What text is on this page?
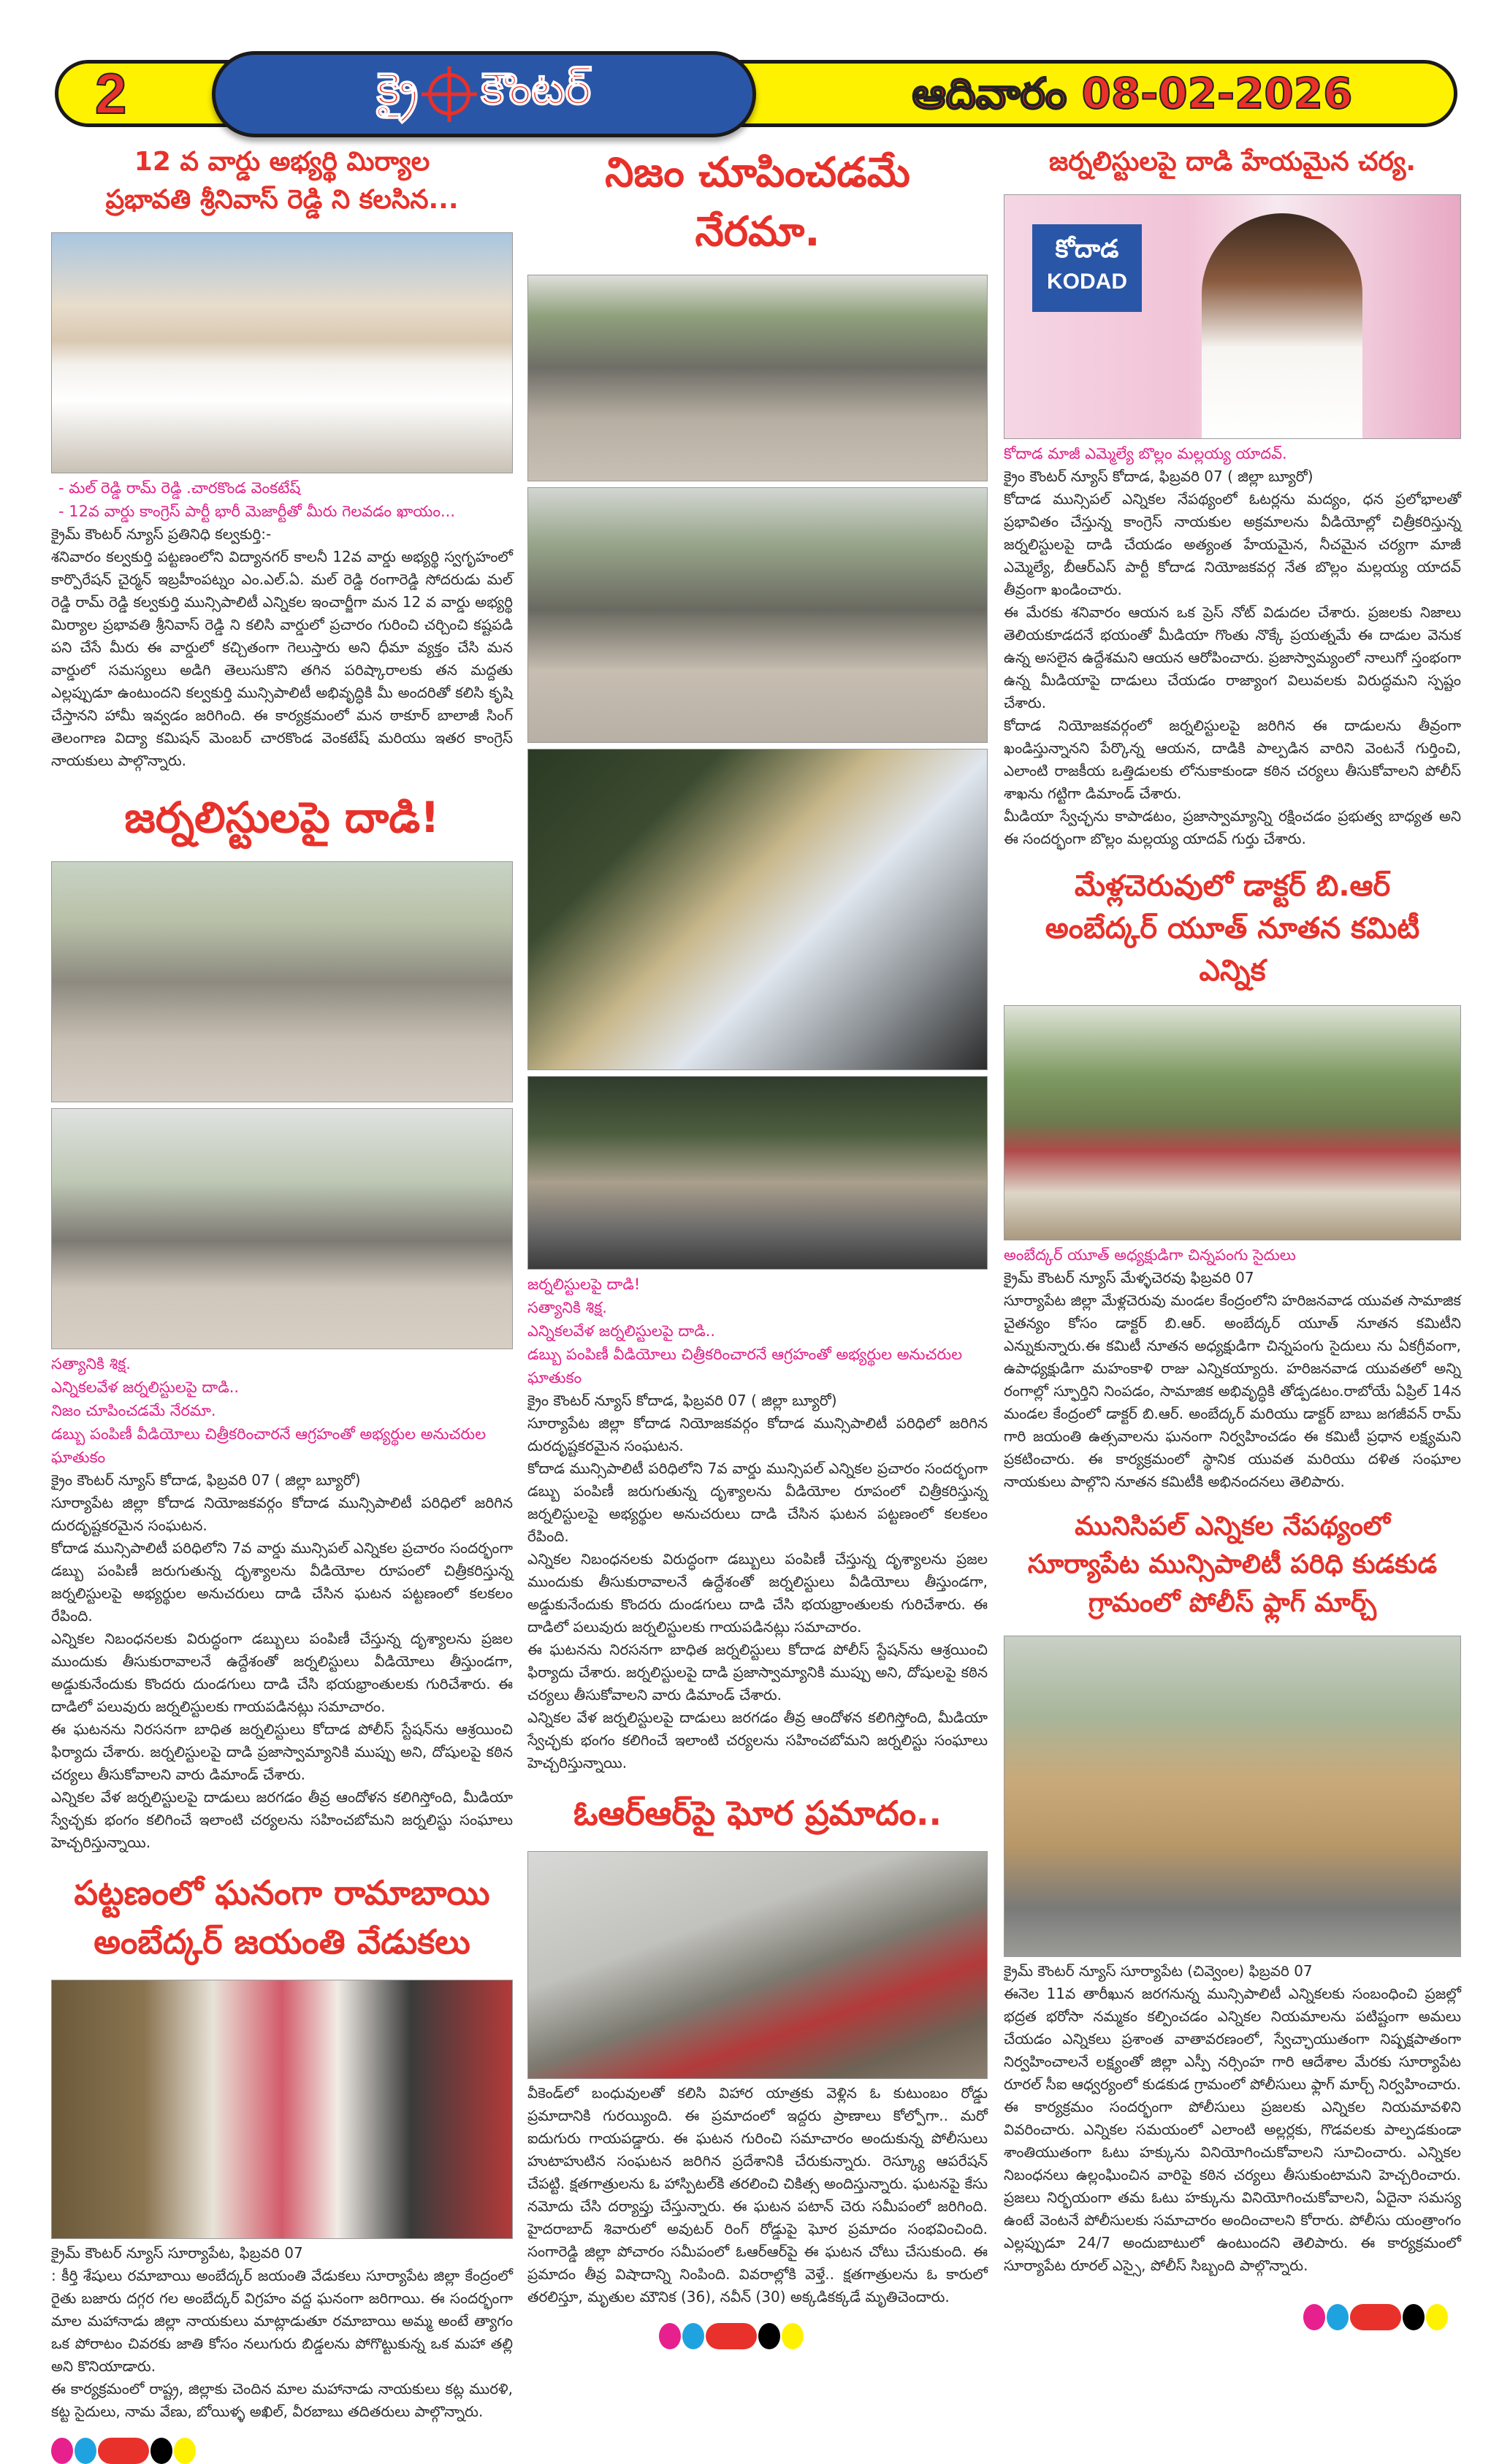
2	క్రై కౌంటర్	ఆదివారం 08-02-2026
12 వ వార్డు అభ్యర్థి మిర్యాల
ప్రభావతి శ్రీనివాస్ రెడ్డి ని కలసిన...
- మల్ రెడ్డి రామ్ రెడ్డి .చారకొండ వెంకటేష్
- 12వ వార్డు కాంగ్రెస్ పార్టీ భారీ మెజార్టీతో మీరు గెలవడం ఖాయం...
క్రైమ్ కౌంటర్ న్యూస్ ప్రతినిధి కల్వకుర్తి:-
శనివారం కల్వకుర్తి పట్టణంలోని విద్యానగర్ కాలనీ 12వ వార్డు అభ్యర్థి స్వగృహంలో కార్పొరేషన్ చైర్మన్ ఇబ్రహీంపట్నం ఎం.ఎల్.ఏ. మల్ రెడ్డి రంగారెడ్డి సోదరుడు మల్ రెడ్డి రామ్ రెడ్డి కల్వకుర్తి మున్సిపాలిటీ ఎన్నికల ఇంచార్జీగా మన 12 వ వార్డు అభ్యర్థి మిర్యాల ప్రభావతి శ్రీనివాస్ రెడ్డి ని కలిసి వార్డులో ప్రచారం గురించి చర్చించి కష్టపడి పని చేసే మీరు ఈ వార్డులో కచ్చితంగా గెలుస్తారు అని ధీమా వ్యక్తం చేసి మన వార్డులో సమస్యలు అడిగి తెలుసుకొని తగిన పరిష్కారాలకు తన మద్దతు ఎల్లప్పుడూ ఉంటుందని కల్వకుర్తి మున్సిపాలిటీ అభివృద్ధికి మీ అందరితో కలిసి కృషి చేస్తానని హామీ ఇవ్వడం జరిగింది. ఈ కార్యక్రమంలో మన ఠాకూర్ బాలాజీ సింగ్ తెలంగాణ విద్యా కమిషన్ మెంబర్ చారకొండ వెంకటేష్ మరియు ఇతర కాంగ్రెస్ నాయకులు పాల్గొన్నారు.
జర్నలిస్టులపై దాడి!
సత్యానికి శిక్ష.
ఎన్నికలవేళ జర్నలిస్టులపై దాడి..
నిజం చూపించడమే నేరమా.
డబ్బు పంపిణీ వీడియోలు చిత్రీకరించారనే ఆగ్రహంతో అభ్యర్థుల అనుచరుల ఘాతుకం

క్రైం కౌంటర్ న్యూస్ కోదాడ, ఫిబ్రవరి 07 ( జిల్లా బ్యూరో)

సూర్యాపేట జిల్లా కోదాడ నియోజకవర్గం కోదాడ మున్సిపాలిటీ పరిధిలో జరిగిన దురదృష్టకరమైన సంఘటన.

కోదాడ మున్సిపాలిటీ పరిధిలోని 7వ వార్డు మున్సిపల్ ఎన్నికల ప్రచారం సందర్భంగా డబ్బు పంపిణీ జరుగుతున్న దృశ్యాలను వీడియోల రూపంలో చిత్రీకరిస్తున్న జర్నలిస్టులపై అభ్యర్థుల అనుచరులు దాడి చేసిన ఘటన పట్టణంలో కలకలం రేపింది.

ఎన్నికల నిబంధనలకు విరుద్ధంగా డబ్బులు పంపిణీ చేస్తున్న దృశ్యాలను ప్రజల ముందుకు తీసుకురావాలనే ఉద్దేశంతో జర్నలిస్టులు వీడియోలు తీస్తుండగా, అడ్డుకునేందుకు కొందరు దుండగులు దాడి చేసి భయభ్రాంతులకు గురిచేశారు. ఈ దాడిలో పలువురు జర్నలిస్టులకు గాయపడినట్లు సమాచారం.

ఈ ఘటనను నిరసనగా బాధిత జర్నలిస్టులు కోదాడ పోలీస్ స్టేషన్‌ను ఆశ్రయించి ఫిర్యాదు చేశారు. జర్నలిస్టులపై దాడి ప్రజాస్వామ్యానికి ముప్పు అని, దోషులపై కఠిన చర్యలు తీసుకోవాలని వారు డిమాండ్ చేశారు.

ఎన్నికల వేళ జర్నలిస్టులపై దాడులు జరగడం తీవ్ర ఆందోళన కలిగిస్తోంది, మీడియా స్వేచ్ఛకు భంగం కలిగించే ఇలాంటి చర్యలను సహించబోమని జర్నలిస్టు సంఘాలు హెచ్చరిస్తున్నాయి.

పట్టణంలో ఘనంగా రామాబాయి
అంబేద్కర్ జయంతి వేడుకలు

క్రైమ్ కౌంటర్ న్యూస్ సూర్యాపేట, ఫిబ్రవరి 07

: కీర్తి శేషులు రమాబాయి అంబేద్కర్ జయంతి వేడుకలు సూర్యాపేట జిల్లా కేంద్రంలో రైతు బజారు దగ్గర గల అంబేద్కర్ విగ్రహం వద్ద ఘనంగా జరిగాయి. ఈ సందర్భంగా మాల మహానాడు జిల్లా నాయకులు మాట్లాడుతూ రమాబాయి అమ్మ అంటే త్యాగం ఒక పోరాటం చివరకు జాతి కోసం నలుగురు బిడ్డలను పోగొట్టుకున్న ఒక మహా తల్లి అని కొనియాడారు.

ఈ కార్యక్రమంలో రాష్ట్ర, జిల్లాకు చెందిన మాల మహానాడు నాయకులు కట్ల మురళి, కట్ట సైదులు, నామ వేణు, బోయిళ్ళ అఖిల్, వీరబాబు తదితరులు పాల్గొన్నారు.

నిజం చూపించడమే
నేరమా.
జర్నలిస్టులపై దాడి!
సత్యానికి శిక్ష.
ఎన్నికలవేళ జర్నలిస్టులపై దాడి..
డబ్బు పంపిణీ వీడియోలు చిత్రీకరించారనే ఆగ్రహంతో అభ్యర్థుల అనుచరుల ఘాతుకం

క్రైం కౌంటర్ న్యూస్ కోదాడ, ఫిబ్రవరి 07 ( జిల్లా బ్యూరో)

సూర్యాపేట జిల్లా కోదాడ నియోజకవర్గం కోదాడ మున్సిపాలిటీ పరిధిలో జరిగిన దురదృష్టకరమైన సంఘటన.

కోదాడ మున్సిపాలిటీ పరిధిలోని 7వ వార్డు మున్సిపల్ ఎన్నికల ప్రచారం సందర్భంగా డబ్బు పంపిణీ జరుగుతున్న దృశ్యాలను వీడియోల రూపంలో చిత్రీకరిస్తున్న జర్నలిస్టులపై అభ్యర్థుల అనుచరులు దాడి చేసిన ఘటన పట్టణంలో కలకలం రేపింది.

ఎన్నికల నిబంధనలకు విరుద్ధంగా డబ్బులు పంపిణీ చేస్తున్న దృశ్యాలను ప్రజల ముందుకు తీసుకురావాలనే ఉద్దేశంతో జర్నలిస్టులు వీడియోలు తీస్తుండగా, అడ్డుకునేందుకు కొందరు దుండగులు దాడి చేసి భయభ్రాంతులకు గురిచేశారు. ఈ దాడిలో పలువురు జర్నలిస్టులకు గాయపడినట్లు సమాచారం.

ఈ ఘటనను నిరసనగా బాధిత జర్నలిస్టులు కోదాడ పోలీస్ స్టేషన్‌ను ఆశ్రయించి ఫిర్యాదు చేశారు. జర్నలిస్టులపై దాడి ప్రజాస్వామ్యానికి ముప్పు అని, దోషులపై కఠిన చర్యలు తీసుకోవాలని వారు డిమాండ్ చేశారు.

ఎన్నికల వేళ జర్నలిస్టులపై దాడులు జరగడం తీవ్ర ఆందోళన కలిగిస్తోంది, మీడియా స్వేచ్ఛకు భంగం కలిగించే ఇలాంటి చర్యలను సహించబోమని జర్నలిస్టు సంఘాలు హెచ్చరిస్తున్నాయి.

ఓఆర్ఆర్‌పై ఘోర ప్రమాదం..

వీకెండ్‌లో బంధువులతో కలిసి విహార యాత్రకు వెళ్లిన ఓ కుటుంబం రోడ్డు ప్రమాదానికి గురయ్యింది. ఈ ప్రమాదంలో ఇద్దరు ప్రాణాలు కోల్పోగా.. మరో ఐదుగురు గాయపడ్డారు. ఈ ఘటన గురించి సమాచారం అందుకున్న పోలీసులు హుటాహుటిన సంఘటన జరిగిన ప్రదేశానికి చేరుకున్నారు. రెస్క్యూ ఆపరేషన్ చేపట్టి. క్షతగాత్రులను ఓ హాస్పిటల్‌కి తరలించి చికిత్స అందిస్తున్నారు. ఘటనపై కేసు నమోదు చేసి దర్యాప్తు చేస్తున్నారు. ఈ ఘటన పటాన్ చెరు సమీపంలో జరిగింది. హైదరాబాద్ శివారులో అవుటర్ రింగ్ రోడ్డుపై ఘోర ప్రమాదం సంభవించింది. సంగారెడ్డి జిల్లా పోచారం సమీపంలో ఓఆర్ఆర్‌పై ఈ ఘటన చోటు చేసుకుంది. ఈ ప్రమాదం తీవ్ర విషాదాన్ని నింపింది. వివరాల్లోకి వెళ్తే.. క్షతగాత్రులను ఓ కారులో తరలిస్తూ, మృతుల మౌనిక (36), నవీన్ (30) అక్కడికక్కడే మృతిచెందారు.

జర్నలిస్టులపై దాడి హేయమైన చర్య.
కోదాడ
KODAD
కోదాడ మాజీ ఎమ్మెల్యే బొల్లం మల్లయ్య యాదవ్.

క్రైం కౌంటర్ న్యూస్ కోదాడ, ఫిబ్రవరి 07 ( జిల్లా బ్యూరో)

కోదాడ మున్సిపల్ ఎన్నికల నేపథ్యంలో ఓటర్లను మద్యం, ధన ప్రలోభాలతో ప్రభావితం చేస్తున్న కాంగ్రెస్ నాయకుల అక్రమాలను వీడియోల్లో చిత్రీకరిస్తున్న జర్నలిస్టులపై దాడి చేయడం అత్యంత హేయమైన, నీచమైన చర్యగా మాజీ ఎమ్మెల్యే, బీఆర్ఎస్ పార్టీ కోదాడ నియోజకవర్గ నేత బొల్లం మల్లయ్య యాదవ్ తీవ్రంగా ఖండించారు.

ఈ మేరకు శనివారం ఆయన ఒక ప్రెస్ నోట్ విడుదల చేశారు. ప్రజలకు నిజాలు తెలియకూడదనే భయంతో మీడియా గొంతు నొక్కే ప్రయత్నమే ఈ దాడుల వెనుక ఉన్న అసలైన ఉద్దేశమని ఆయన ఆరోపించారు. ప్రజాస్వామ్యంలో నాలుగో స్తంభంగా ఉన్న మీడియాపై దాడులు చేయడం రాజ్యాంగ విలువలకు విరుద్ధమని స్పష్టం చేశారు.

కోదాడ నియోజకవర్గంలో జర్నలిస్టులపై జరిగిన ఈ దాడులను తీవ్రంగా ఖండిస్తున్నానని పేర్కొన్న ఆయన, దాడికి పాల్పడిన వారిని వెంటనే గుర్తించి, ఎలాంటి రాజకీయ ఒత్తిడులకు లోనుకాకుండా కఠిన చర్యలు తీసుకోవాలని పోలీస్ శాఖను గట్టిగా డిమాండ్ చేశారు.

మీడియా స్వేచ్ఛను కాపాడటం, ప్రజాస్వామ్యాన్ని రక్షించడం ప్రభుత్వ బాధ్యత అని ఈ సందర్భంగా బొల్లం మల్లయ్య యాదవ్ గుర్తు చేశారు.

మేళ్లచెరువులో డాక్టర్ బి.ఆర్
అంబేద్కర్ యూత్ నూతన కమిటీ
ఎన్నిక
అంబేద్కర్ యూత్ అధ్యక్షుడిగా చిన్నపంగు సైదులు

క్రైమ్ కౌంటర్ న్యూస్ మేళ్ళచెరవు ఫిబ్రవరి 07

సూర్యాపేట జిల్లా మేళ్లచెరువు మండల కేంద్రంలోని హరిజనవాడ యువత సామాజిక చైతన్యం కోసం డాక్టర్ బి.ఆర్. అంబేద్కర్ యూత్ నూతన కమిటీని ఎన్నుకున్నారు.ఈ కమిటీ నూతన అధ్యక్షుడిగా చిన్నపంగు సైదులు ను ఏకగ్రీవంగా, ఉపాధ్యక్షుడిగా మహంకాళి రాజు ఎన్నికయ్యారు. హరిజనవాడ యువతలో అన్ని రంగాల్లో స్ఫూర్తిని నింపడం, సామాజిక అభివృద్ధికి తోడ్పడటం.రాబోయే ఏప్రిల్ 14న మండల కేంద్రంలో డాక్టర్ బి.ఆర్. అంబేద్కర్ మరియు డాక్టర్ బాబు జగజీవన్ రామ్ గారి జయంతి ఉత్సవాలను ఘనంగా నిర్వహించడం ఈ కమిటీ ప్రధాన లక్ష్యమని ప్రకటించారు. ఈ కార్యక్రమంలో స్థానిక యువత మరియు దళిత సంఘాల నాయకులు పాల్గొని నూతన కమిటీకి అభినందనలు తెలిపారు.

మునిసిపల్ ఎన్నికల నేపథ్యంలో
సూర్యాపేట మున్సిపాలిటీ పరిధి కుడకుడ
గ్రామంలో పోలీస్ ఫ్లాగ్ మార్చ్

క్రైమ్ కౌంటర్ న్యూస్ సూర్యాపేట (చివ్వెంల) ఫిబ్రవరి 07

ఈనెల 11వ తారీఖున జరగనున్న మున్సిపాలిటీ ఎన్నికలకు సంబంధించి ప్రజల్లో భద్రత భరోసా నమ్మకం కల్పించడం ఎన్నికల నియమాలను పటిష్టంగా అమలు చేయడం ఎన్నికలు ప్రశాంత వాతావరణంలో, స్వేచ్ఛాయుతంగా నిష్పక్షపాతంగా నిర్వహించాలనే లక్ష్యంతో జిల్లా ఎస్పీ నర్సింహ గారి ఆదేశాల మేరకు సూర్యాపేట రూరల్ సీఐ ఆధ్వర్యంలో కుడకుడ గ్రామంలో పోలీసులు ఫ్లాగ్ మార్చ్ నిర్వహించారు. ఈ కార్యక్రమం సందర్భంగా పోలీసులు ప్రజలకు ఎన్నికల నియమావళిని వివరించారు. ఎన్నికల సమయంలో ఎలాంటి అల్లర్లకు, గొడవలకు పాల్పడకుండా శాంతియుతంగా ఓటు హక్కును వినియోగించుకోవాలని సూచించారు. ఎన్నికల నిబంధనలు ఉల్లంఘించిన వారిపై కఠిన చర్యలు తీసుకుంటామని హెచ్చరించారు. ప్రజలు నిర్భయంగా తమ ఓటు హక్కును వినియోగించుకోవాలని, ఏదైనా సమస్య ఉంటే వెంటనే పోలీసులకు సమాచారం అందించాలని కోరారు. పోలీసు యంత్రాంగం ఎల్లప్పుడూ 24/7 అందుబాటులో ఉంటుందని తెలిపారు. ఈ కార్యక్రమంలో సూర్యాపేట రూరల్ ఎస్సై, పోలీస్ సిబ్బంది పాల్గొన్నారు.
